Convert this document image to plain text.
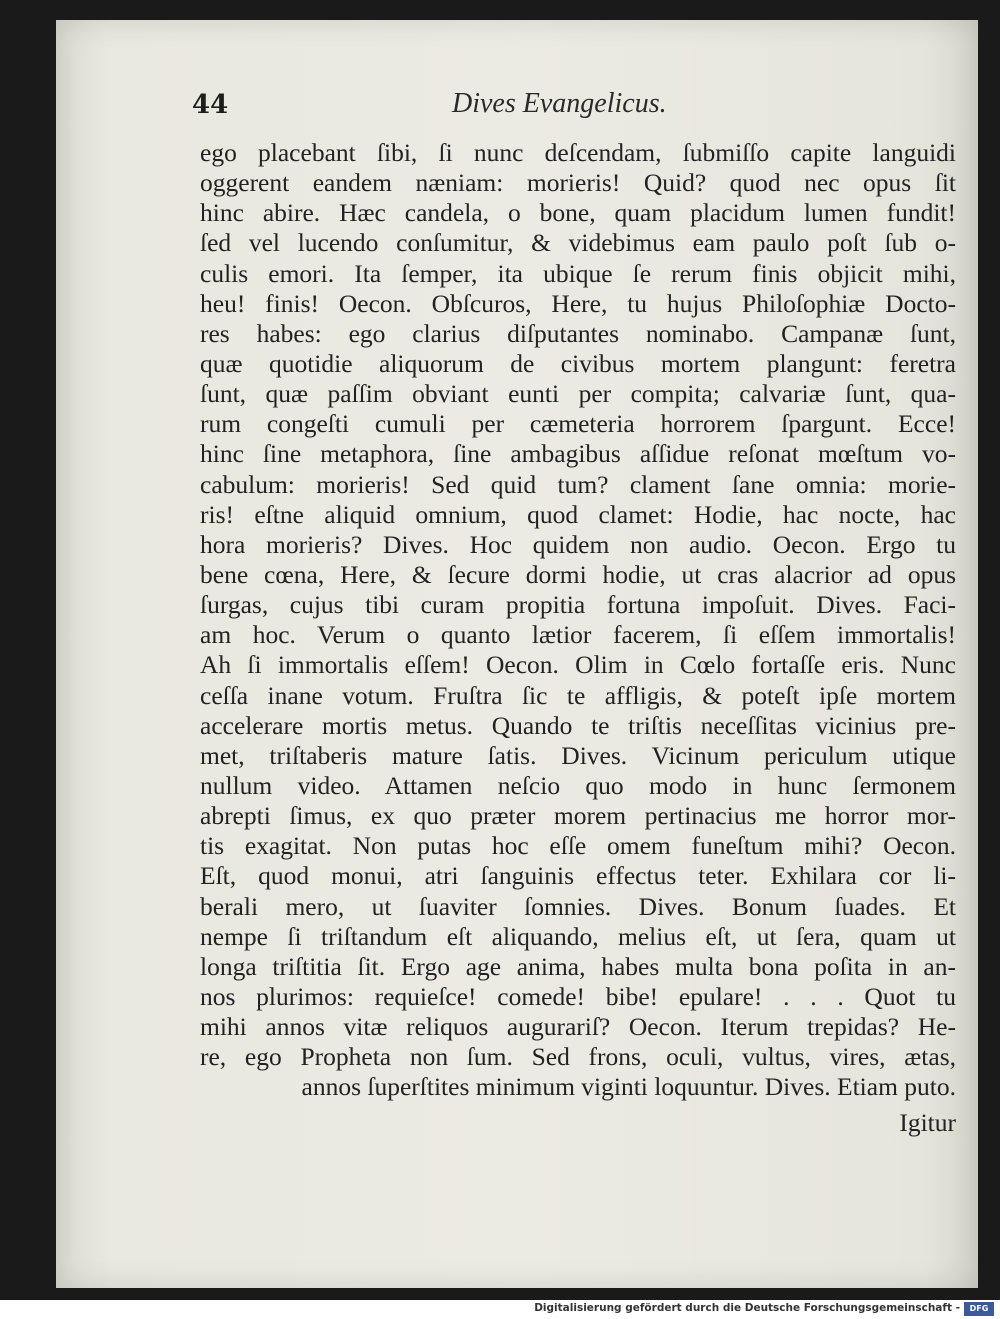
44	Dives Evangelicus.
ego placebant ſibi, ſi nunc deſcendam, ſubmiſſo capite languidi
oggerent eandem næniam: morieris! Quid? quod nec opus ſit
hinc abire. Hæc candela, o bone, quam placidum lumen fundit!
ſed vel lucendo conſumitur, & videbimus eam paulo poſt ſub o-
culis emori. Ita ſemper, ita ubique ſe rerum finis objicit mihi,
heu! finis! Oecon. Obſcuros, Here, tu hujus Philoſophiæ Docto-
res habes: ego clarius diſputantes nominabo. Campanæ ſunt,
quæ quotidie aliquorum de civibus mortem plangunt: feretra
ſunt, quæ paſſim obviant eunti per compita; calvariæ ſunt, qua-
rum congeſti cumuli per cæmeteria horrorem ſpargunt. Ecce!
hinc ſine metaphora, ſine ambagibus aſſidue reſonat mœſtum vo-
cabulum: morieris! Sed quid tum? clament ſane omnia: morie-
ris! eſtne aliquid omnium, quod clamet: Hodie, hac nocte, hac
hora morieris? Dives. Hoc quidem non audio. Oecon. Ergo tu
bene cœna, Here, & ſecure dormi hodie, ut cras alacrior ad opus
ſurgas, cujus tibi curam propitia fortuna impoſuit. Dives. Faci-
am hoc. Verum o quanto lætior facerem, ſi eſſem immortalis!
Ah ſi immortalis eſſem! Oecon. Olim in Cœlo fortaſſe eris. Nunc
ceſſa inane votum. Fruſtra ſic te affligis, & poteſt ipſe mortem
accelerare mortis metus. Quando te triſtis neceſſitas vicinius pre-
met, triſtaberis mature ſatis. Dives. Vicinum periculum utique
nullum video. Attamen neſcio quo modo in hunc ſermonem
abrepti ſimus, ex quo præter morem pertinacius me horror mor-
tis exagitat. Non putas hoc eſſe omem funeſtum mihi? Oecon.
Eſt, quod monui, atri ſanguinis effectus teter. Exhilara cor li-
berali mero, ut ſuaviter ſomnies. Dives. Bonum ſuades. Et
nempe ſi triſtandum eſt aliquando, melius eſt, ut ſera, quam ut
longa triſtitia ſit. Ergo age anima, habes multa bona poſita in an-
nos plurimos: requieſce! comede! bibe! epulare! . . . Quot tu
mihi annos vitæ reliquos augurariſ? Oecon. Iterum trepidas? He-
re, ego Propheta non ſum. Sed frons, oculi, vultus, vires, ætas,
annos ſuperſtites minimum viginti loquuntur. Dives. Etiam puto.
Igitur
Digitalisierung gefördert durch die Deutsche Forschungsgemeinschaft -	DFG
